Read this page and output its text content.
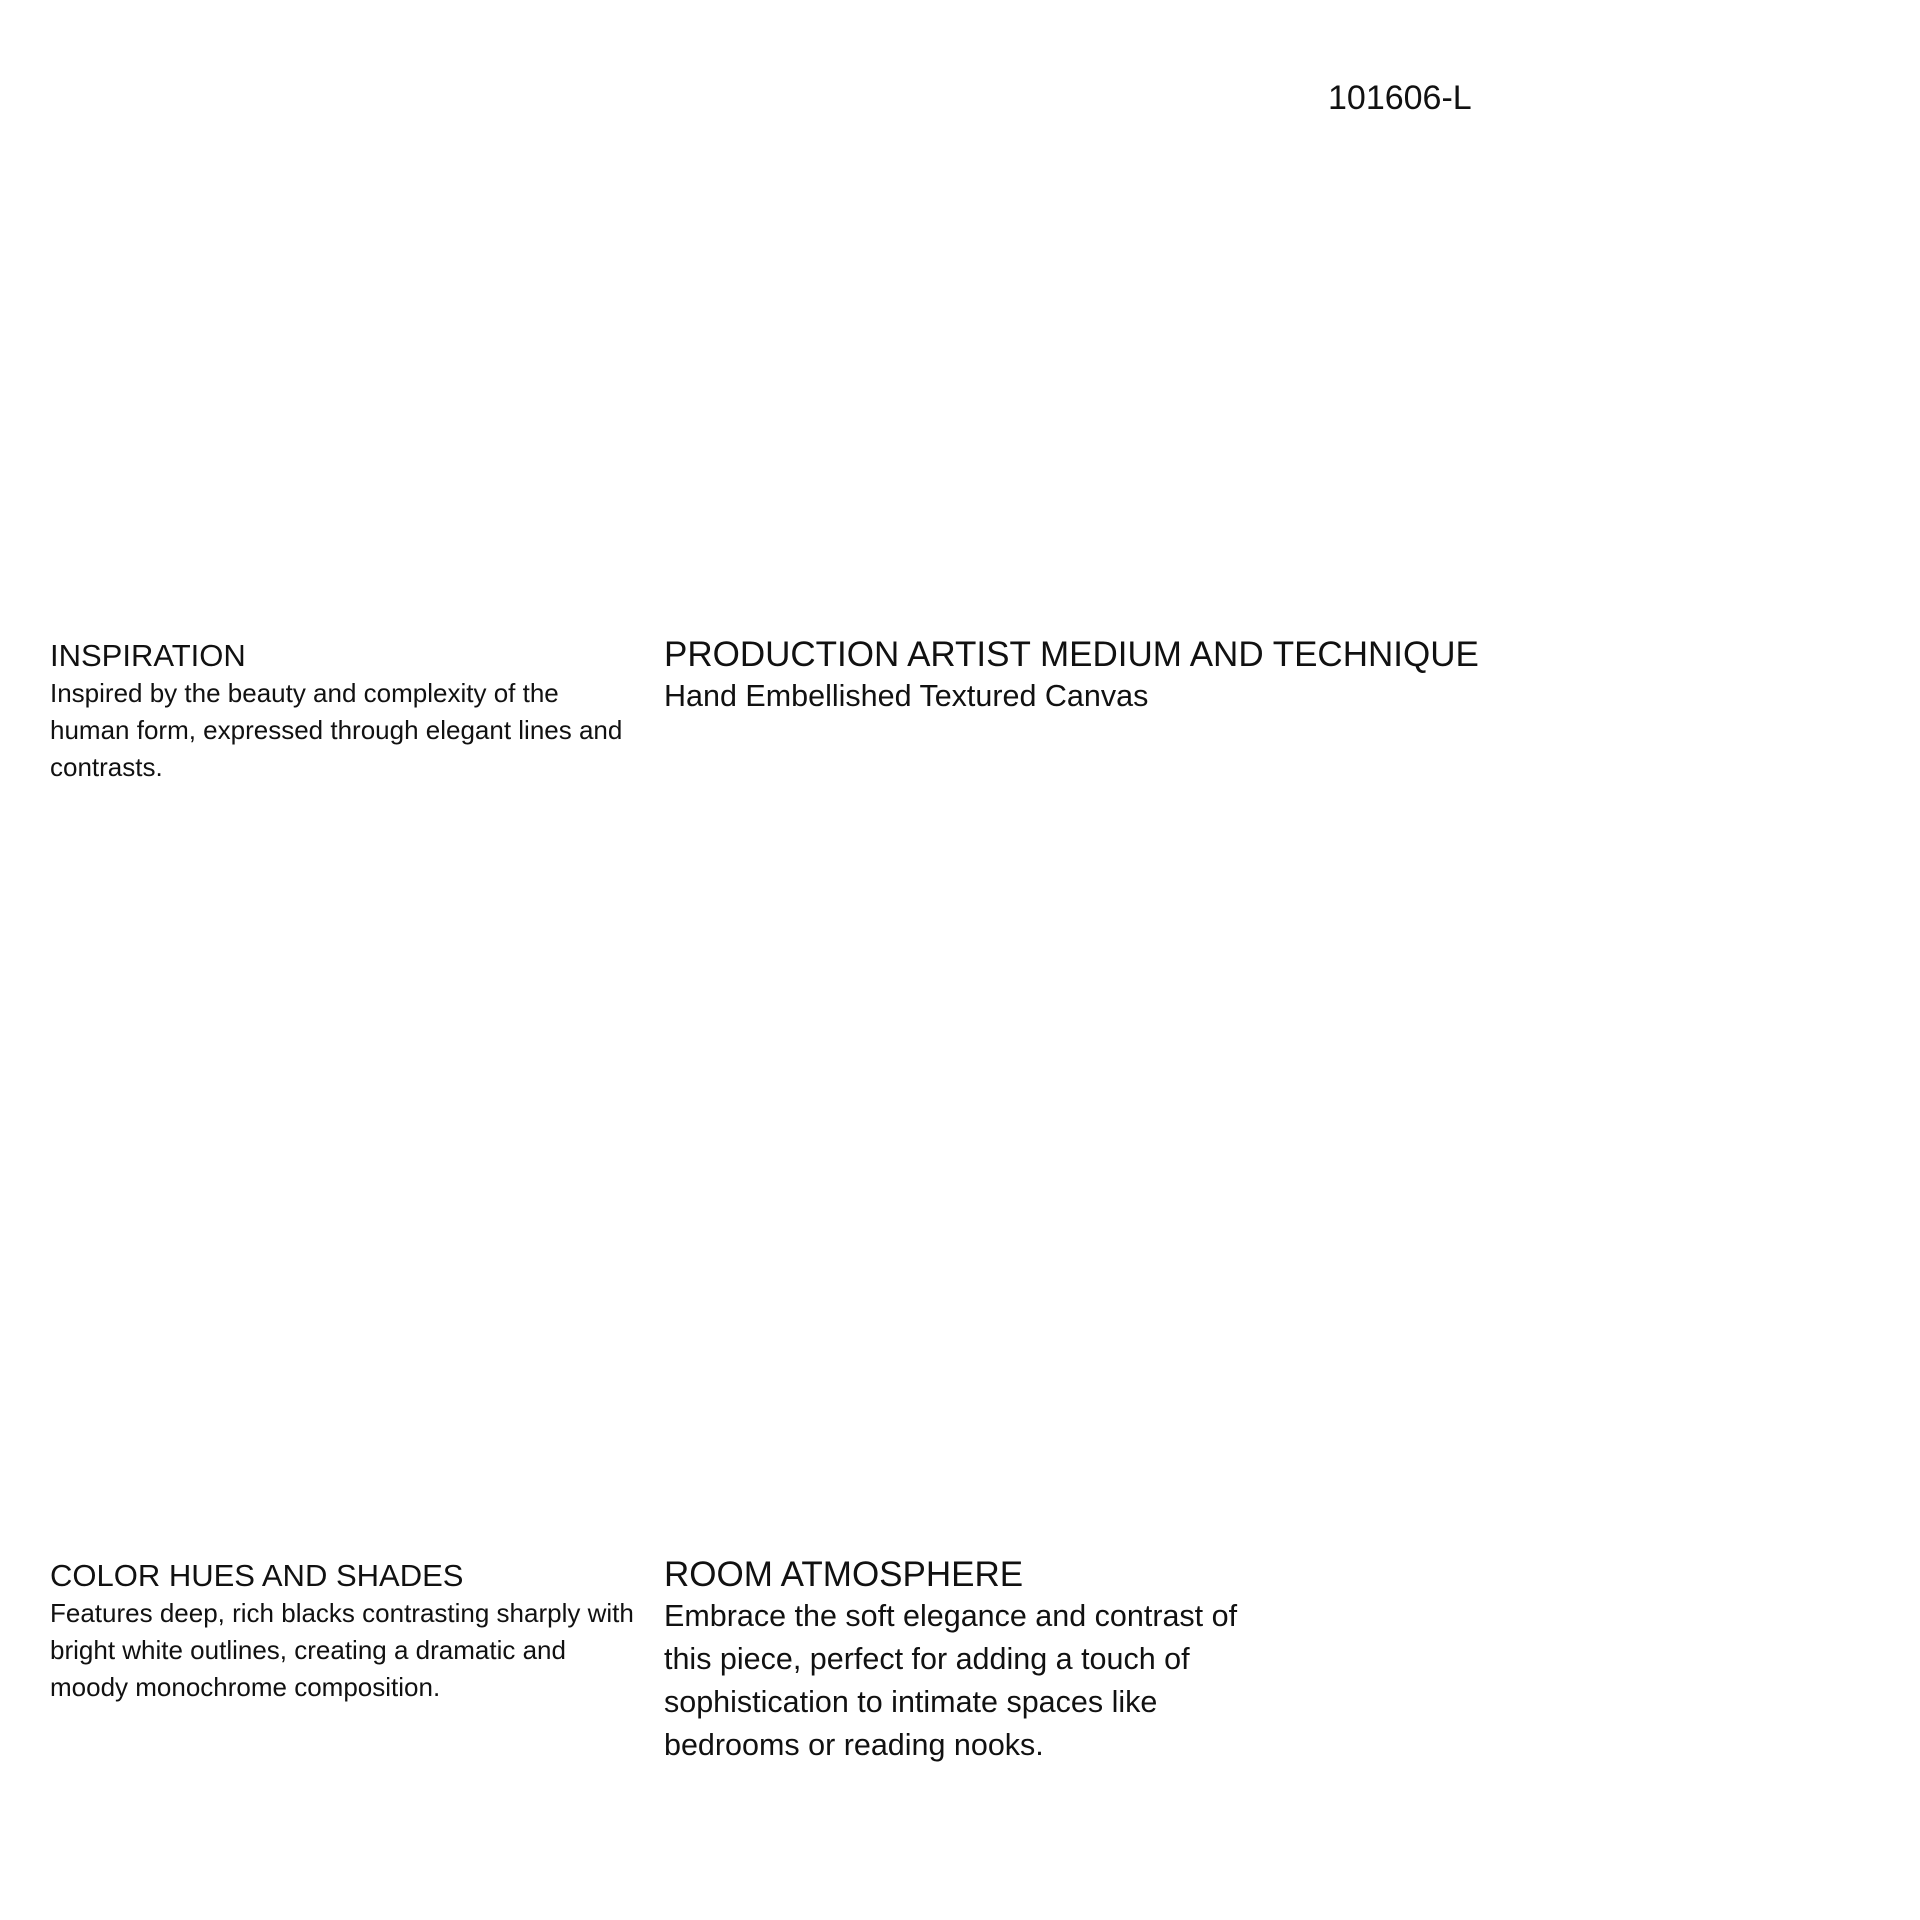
101606-L
INSPIRATION

Inspired by the beauty and complexity of the human form, expressed through elegant lines and contrasts.

PRODUCTION ARTIST MEDIUM AND TECHNIQUE

Hand Embellished Textured Canvas

COLOR HUES AND SHADES

Features deep, rich blacks contrasting sharply with bright white outlines, creating a dramatic and moody monochrome composition.

ROOM ATMOSPHERE

Embrace the soft elegance and contrast of this piece, perfect for adding a touch of sophistication to intimate spaces like bedrooms or reading nooks.
